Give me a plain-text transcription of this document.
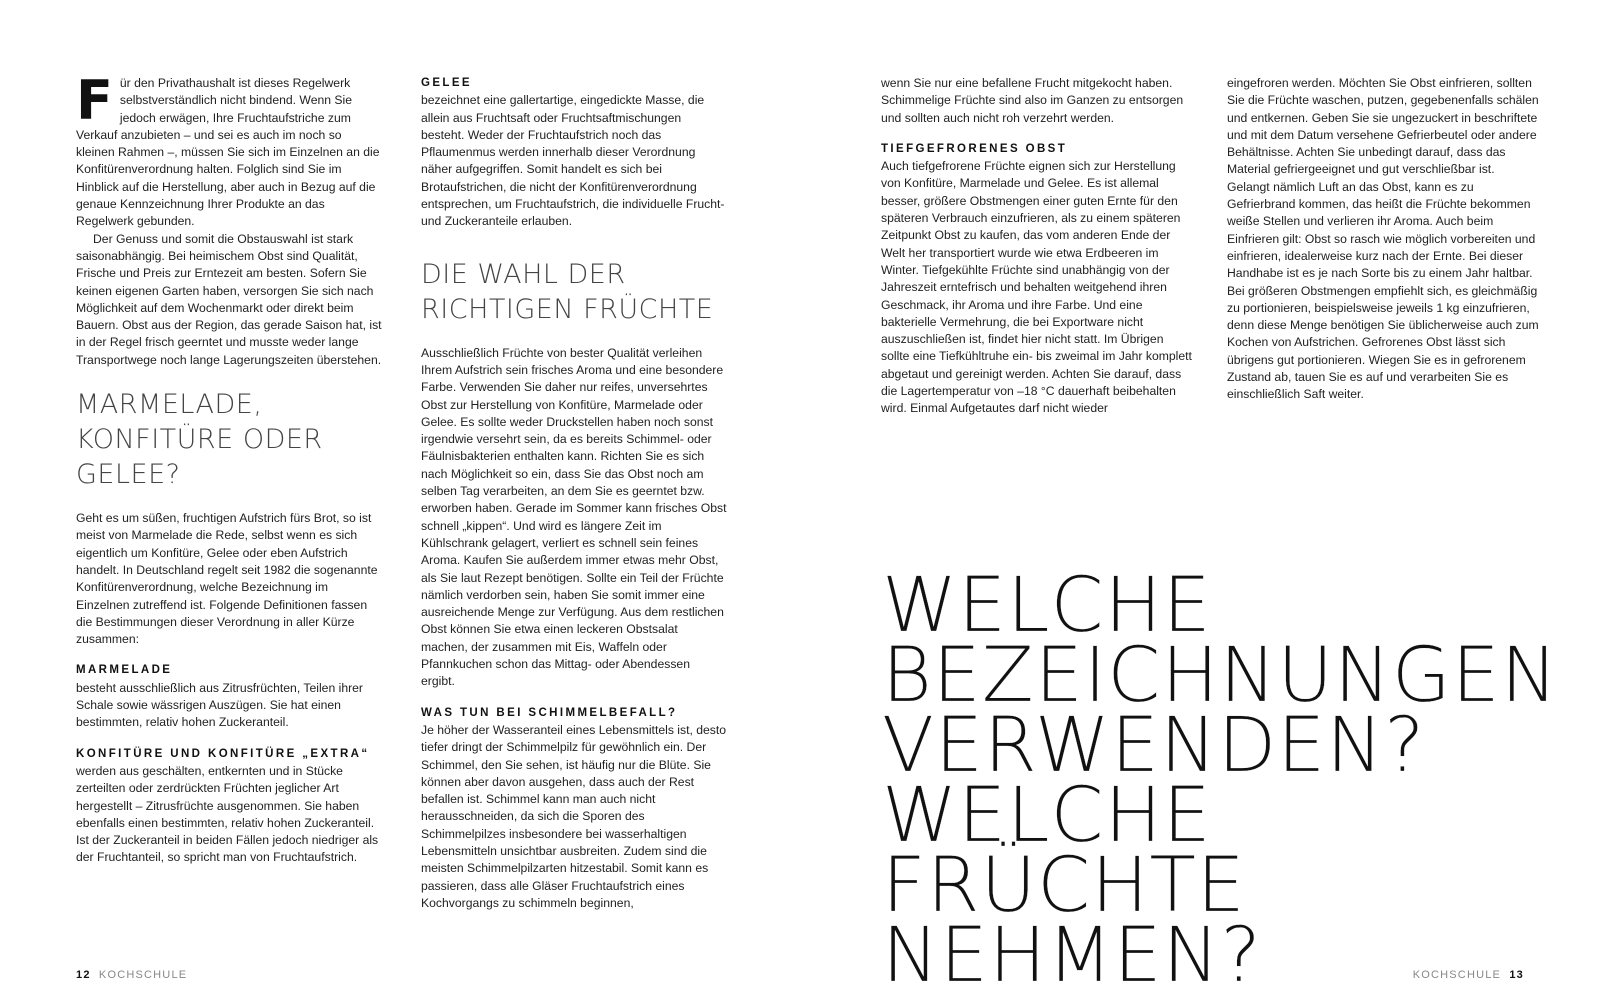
F ür den Privathaushalt ist dieses Regelwerk selbstverständlich nicht bindend. Wenn Sie jedoch erwägen, Ihre Fruchtaufstriche zum Verkauf anzubieten – und sei es auch im noch so kleinen Rahmen –, müssen Sie sich im Einzelnen an die Konfitürenverordnung halten. Folglich sind Sie im Hinblick auf die Herstellung, aber auch in Bezug auf die genaue Kennzeichnung Ihrer Produkte an das Regelwerk gebunden.

Der Genuss und somit die Obstauswahl ist stark saisonabhängig. Bei heimischem Obst sind Qualität, Frische und Preis zur Erntezeit am besten. Sofern Sie keinen eigenen Garten haben, versorgen Sie sich nach Möglichkeit auf dem Wochenmarkt oder direkt beim Bauern. Obst aus der Region, das gerade Saison hat, ist in der Regel frisch geerntet und musste weder lange Transportwege noch lange Lagerungszeiten überstehen.

MARMELADE,
KONFITÜRE ODER
GELEE?

Geht es um süßen, fruchtigen Aufstrich fürs Brot, so ist meist von Marmelade die Rede, selbst wenn es sich eigentlich um Konfitüre, Gelee oder eben Aufstrich handelt. In Deutschland regelt seit 1982 die sogenannte Konfitürenverordnung, welche Bezeichnung im Einzelnen zutreffend ist. Folgende Definitionen fassen die Bestimmungen dieser Verordnung in aller Kürze zusammen:

MARMELADE

besteht ausschließlich aus Zitrusfrüchten, Teilen ihrer Schale sowie wässrigen Auszügen. Sie hat einen bestimmten, relativ hohen Zuckeranteil.

KONFITÜRE UND KONFITÜRE „EXTRA“

werden aus geschälten, entkernten und in Stücke zerteilten oder zerdrückten Früchten jeglicher Art hergestellt – Zitrusfrüchte ausgenommen. Sie haben ebenfalls einen bestimmten, relativ hohen Zuckeranteil. Ist der Zuckeranteil in beiden Fällen jedoch niedriger als der Fruchtanteil, so spricht man von Fruchtaufstrich.

GELEE

bezeichnet eine gallertartige, eingedickte Masse, die allein aus Fruchtsaft oder Fruchtsaftmischungen besteht. Weder der Fruchtaufstrich noch das Pflaumenmus werden innerhalb dieser Verordnung näher aufgegriffen. Somit handelt es sich bei Brotaufstrichen, die nicht der Konfitürenverordnung entsprechen, um Fruchtaufstrich, die individuelle Frucht- und Zuckeranteile erlauben.

DIE WAHL DER
RICHTIGEN FRÜCHTE

Ausschließlich Früchte von bester Qualität verleihen Ihrem Aufstrich sein frisches Aroma und eine besondere Farbe. Verwenden Sie daher nur reifes, unversehrtes Obst zur Herstellung von Konfitüre, Marmelade oder Gelee. Es sollte weder Druckstellen haben noch sonst irgendwie versehrt sein, da es bereits Schimmel- oder Fäulnisbakterien enthalten kann. Richten Sie es sich nach Möglichkeit so ein, dass Sie das Obst noch am selben Tag verarbeiten, an dem Sie es geerntet bzw. erworben haben. Gerade im Sommer kann frisches Obst schnell „kippen“. Und wird es längere Zeit im Kühlschrank gelagert, verliert es schnell sein feines Aroma. Kaufen Sie außerdem immer etwas mehr Obst, als Sie laut Rezept benötigen. Sollte ein Teil der Früchte nämlich verdorben sein, haben Sie somit immer eine ausreichende Menge zur Verfügung. Aus dem restlichen Obst können Sie etwa einen leckeren Obstsalat machen, der zusammen mit Eis, Waffeln oder Pfannkuchen schon das Mittag- oder Abendessen ergibt.

WAS TUN BEI SCHIMMELBEFALL?

Je höher der Wasseranteil eines Lebensmittels ist, desto tiefer dringt der Schimmelpilz für gewöhnlich ein. Der Schimmel, den Sie sehen, ist häufig nur die Blüte. Sie können aber davon ausgehen, dass auch der Rest befallen ist. Schimmel kann man auch nicht herausschneiden, da sich die Sporen des Schimmelpilzes insbesondere bei wasserhaltigen Lebensmitteln unsichtbar ausbreiten. Zudem sind die meisten Schimmelpilzarten hitzestabil. Somit kann es passieren, dass alle Gläser Fruchtaufstrich eines Kochvorgangs zu schimmeln beginnen,

wenn Sie nur eine befallene Frucht mitgekocht haben. Schimmelige Früchte sind also im Ganzen zu entsorgen und sollten auch nicht roh verzehrt werden.

TIEFGEFRORENES OBST

Auch tiefgefrorene Früchte eignen sich zur Herstellung von Konfitüre, Marmelade und Gelee. Es ist allemal besser, größere Obstmengen einer guten Ernte für den späteren Verbrauch einzufrieren, als zu einem späteren Zeitpunkt Obst zu kaufen, das vom anderen Ende der Welt her transportiert wurde wie etwa Erdbeeren im Winter. Tiefgekühlte Früchte sind unabhängig von der Jahreszeit erntefrisch und behalten weitgehend ihren Geschmack, ihr Aroma und ihre Farbe. Und eine bakterielle Vermehrung, die bei Exportware nicht auszuschließen ist, findet hier nicht statt. Im Übrigen sollte eine Tiefkühltruhe ein- bis zweimal im Jahr komplett abgetaut und gereinigt werden. Achten Sie darauf, dass die Lagertemperatur von –18 °C dauerhaft beibehalten wird. Einmal Aufgetautes darf nicht wieder

eingefroren werden. Möchten Sie Obst einfrieren, sollten Sie die Früchte waschen, putzen, gegebenenfalls schälen und entkernen. Geben Sie sie ungezuckert in beschriftete und mit dem Datum versehene Gefrierbeutel oder andere Behältnisse. Achten Sie unbedingt darauf, dass das Material gefriergeeignet und gut verschließbar ist. Gelangt nämlich Luft an das Obst, kann es zu Gefrierbrand kommen, das heißt die Früchte bekommen weiße Stellen und verlieren ihr Aroma. Auch beim Einfrieren gilt: Obst so rasch wie möglich vorbereiten und einfrieren, idealerweise kurz nach der Ernte. Bei dieser Handhabe ist es je nach Sorte bis zu einem Jahr haltbar. Bei größeren Obstmengen empfiehlt sich, es gleichmäßig zu portionieren, beispielsweise jeweils 1 kg einzufrieren, denn diese Menge benötigen Sie üblicherweise auch zum Kochen von Aufstrichen. Gefrorenes Obst lässt sich übrigens gut portionieren. Wiegen Sie es in gefrorenem Zustand ab, tauen Sie es auf und verarbeiten Sie es einschließlich Saft weiter.

WELCHE
BEZEICHNUNGEN
VERWENDEN?
WELCHE FRÜCHTE
NEHMEN?
12 KOCHSCHULE	KOCHSCHULE 13
